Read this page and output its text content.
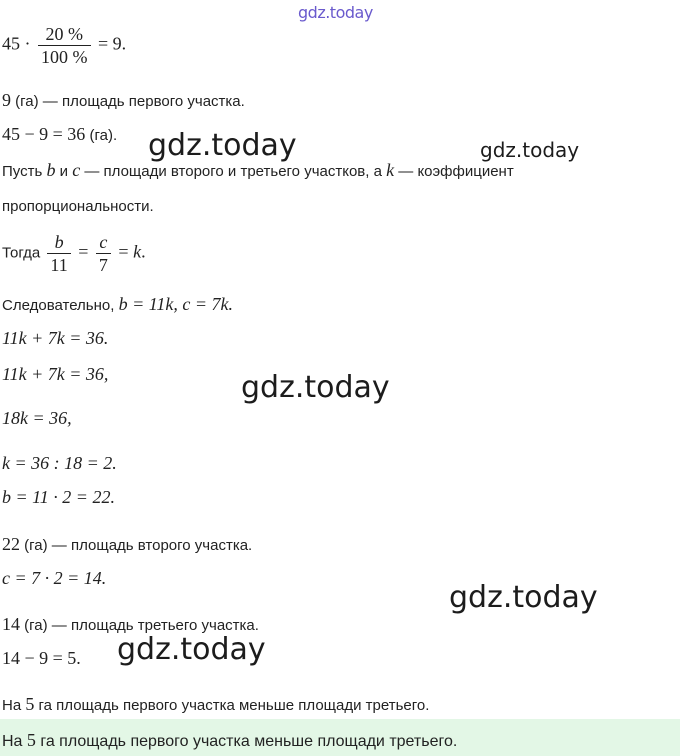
gdz.today
gdz.today	gdz.today
gdz.today
gdz.today
gdz.today
$45 \cdot \frac{20 \%}{100 \%} = 9$.
9 (га) — площадь первого участка.
45 − 9 = 36 (га).
Пусть b и c — площади второго и третьего участков, а k — коэффициент
пропорциональности.
Тогда $\frac{b}{11} = \frac{c}{7} = k$.
Следовательно, b = 11k, c = 7k.
11k + 7k = 36.
11k + 7k = 36,
18k = 36,
k = 36 : 18 = 2.
b = 11 · 2 = 22.
22 (га) — площадь второго участка.
c = 7 · 2 = 14.
14 (га) — площадь третьего участка.
14 − 9 = 5.
На 5 га площадь первого участка меньше площади третьего.
На 5 га площадь первого участка меньше площади третьего.
